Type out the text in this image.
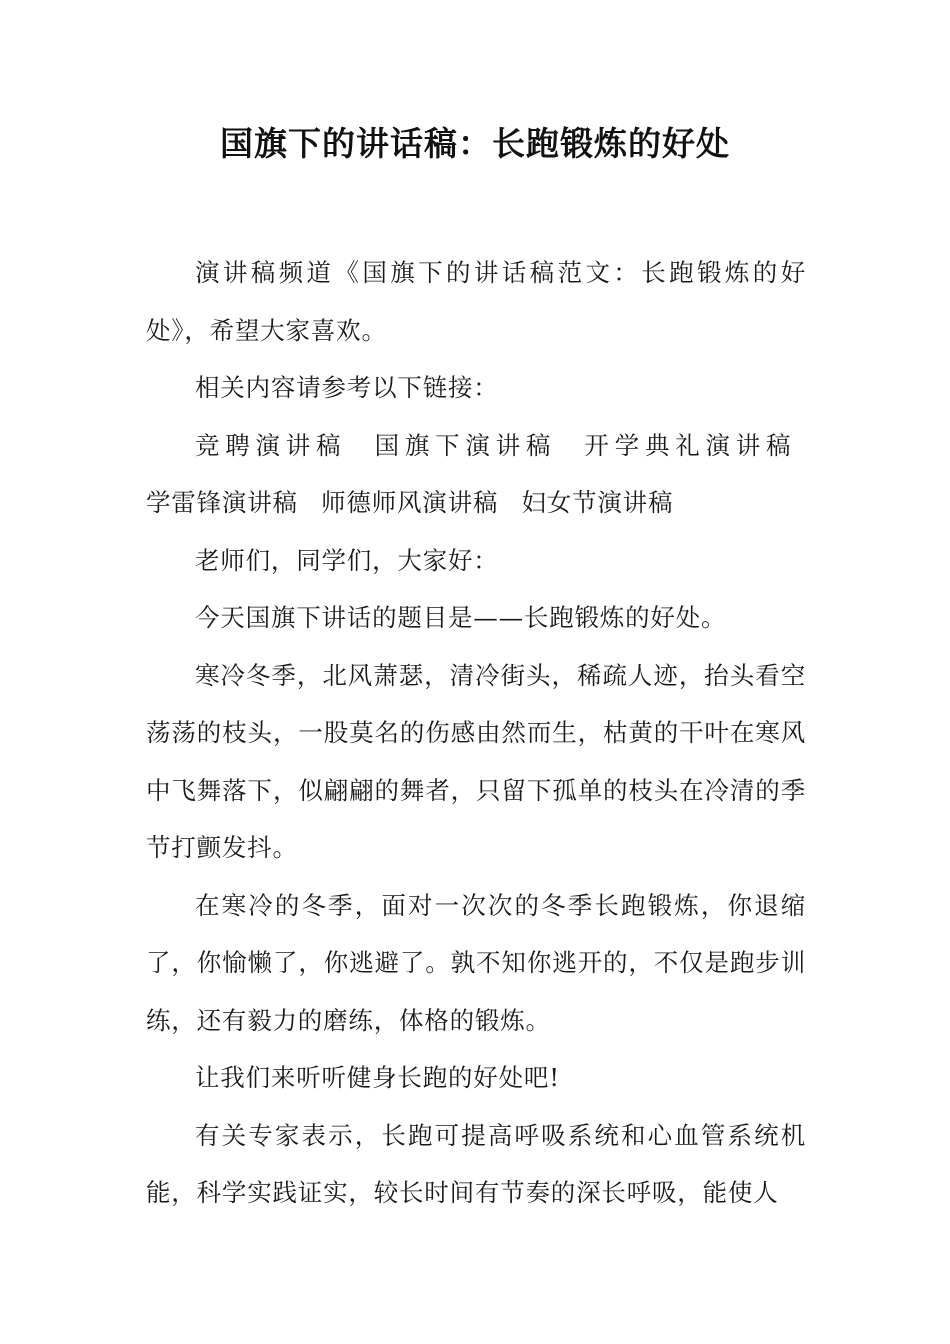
国旗下的讲话稿：长跑锻炼的好处

演讲稿频道《国旗下的讲话稿范文：长跑锻炼的好处》，希望大家喜欢。

相关内容请参考以下链接：

竞聘演讲稿 国旗下演讲稿 开学典礼演讲稿 学雷锋演讲稿 师德师风演讲稿 妇女节演讲稿

老师们，同学们，大家好：

今天国旗下讲话的题目是——长跑锻炼的好处。

寒冷冬季，北风萧瑟，清冷街头，稀疏人迹，抬头看空荡荡的枝头，一股莫名的伤感由然而生，枯黄的干叶在寒风中飞舞落下，似翩翩的舞者，只留下孤单的枝头在冷清的季节打颤发抖。

在寒冷的冬季，面对一次次的冬季长跑锻炼，你退缩了，你愉懒了，你逃避了。孰不知你逃开的，不仅是跑步训练，还有毅力的磨练，体格的锻炼。

让我们来听听健身长跑的好处吧!

有关专家表示，长跑可提高呼吸系统和心血管系统机能，科学实践证实，较长时间有节奏的深长呼吸，能使人
